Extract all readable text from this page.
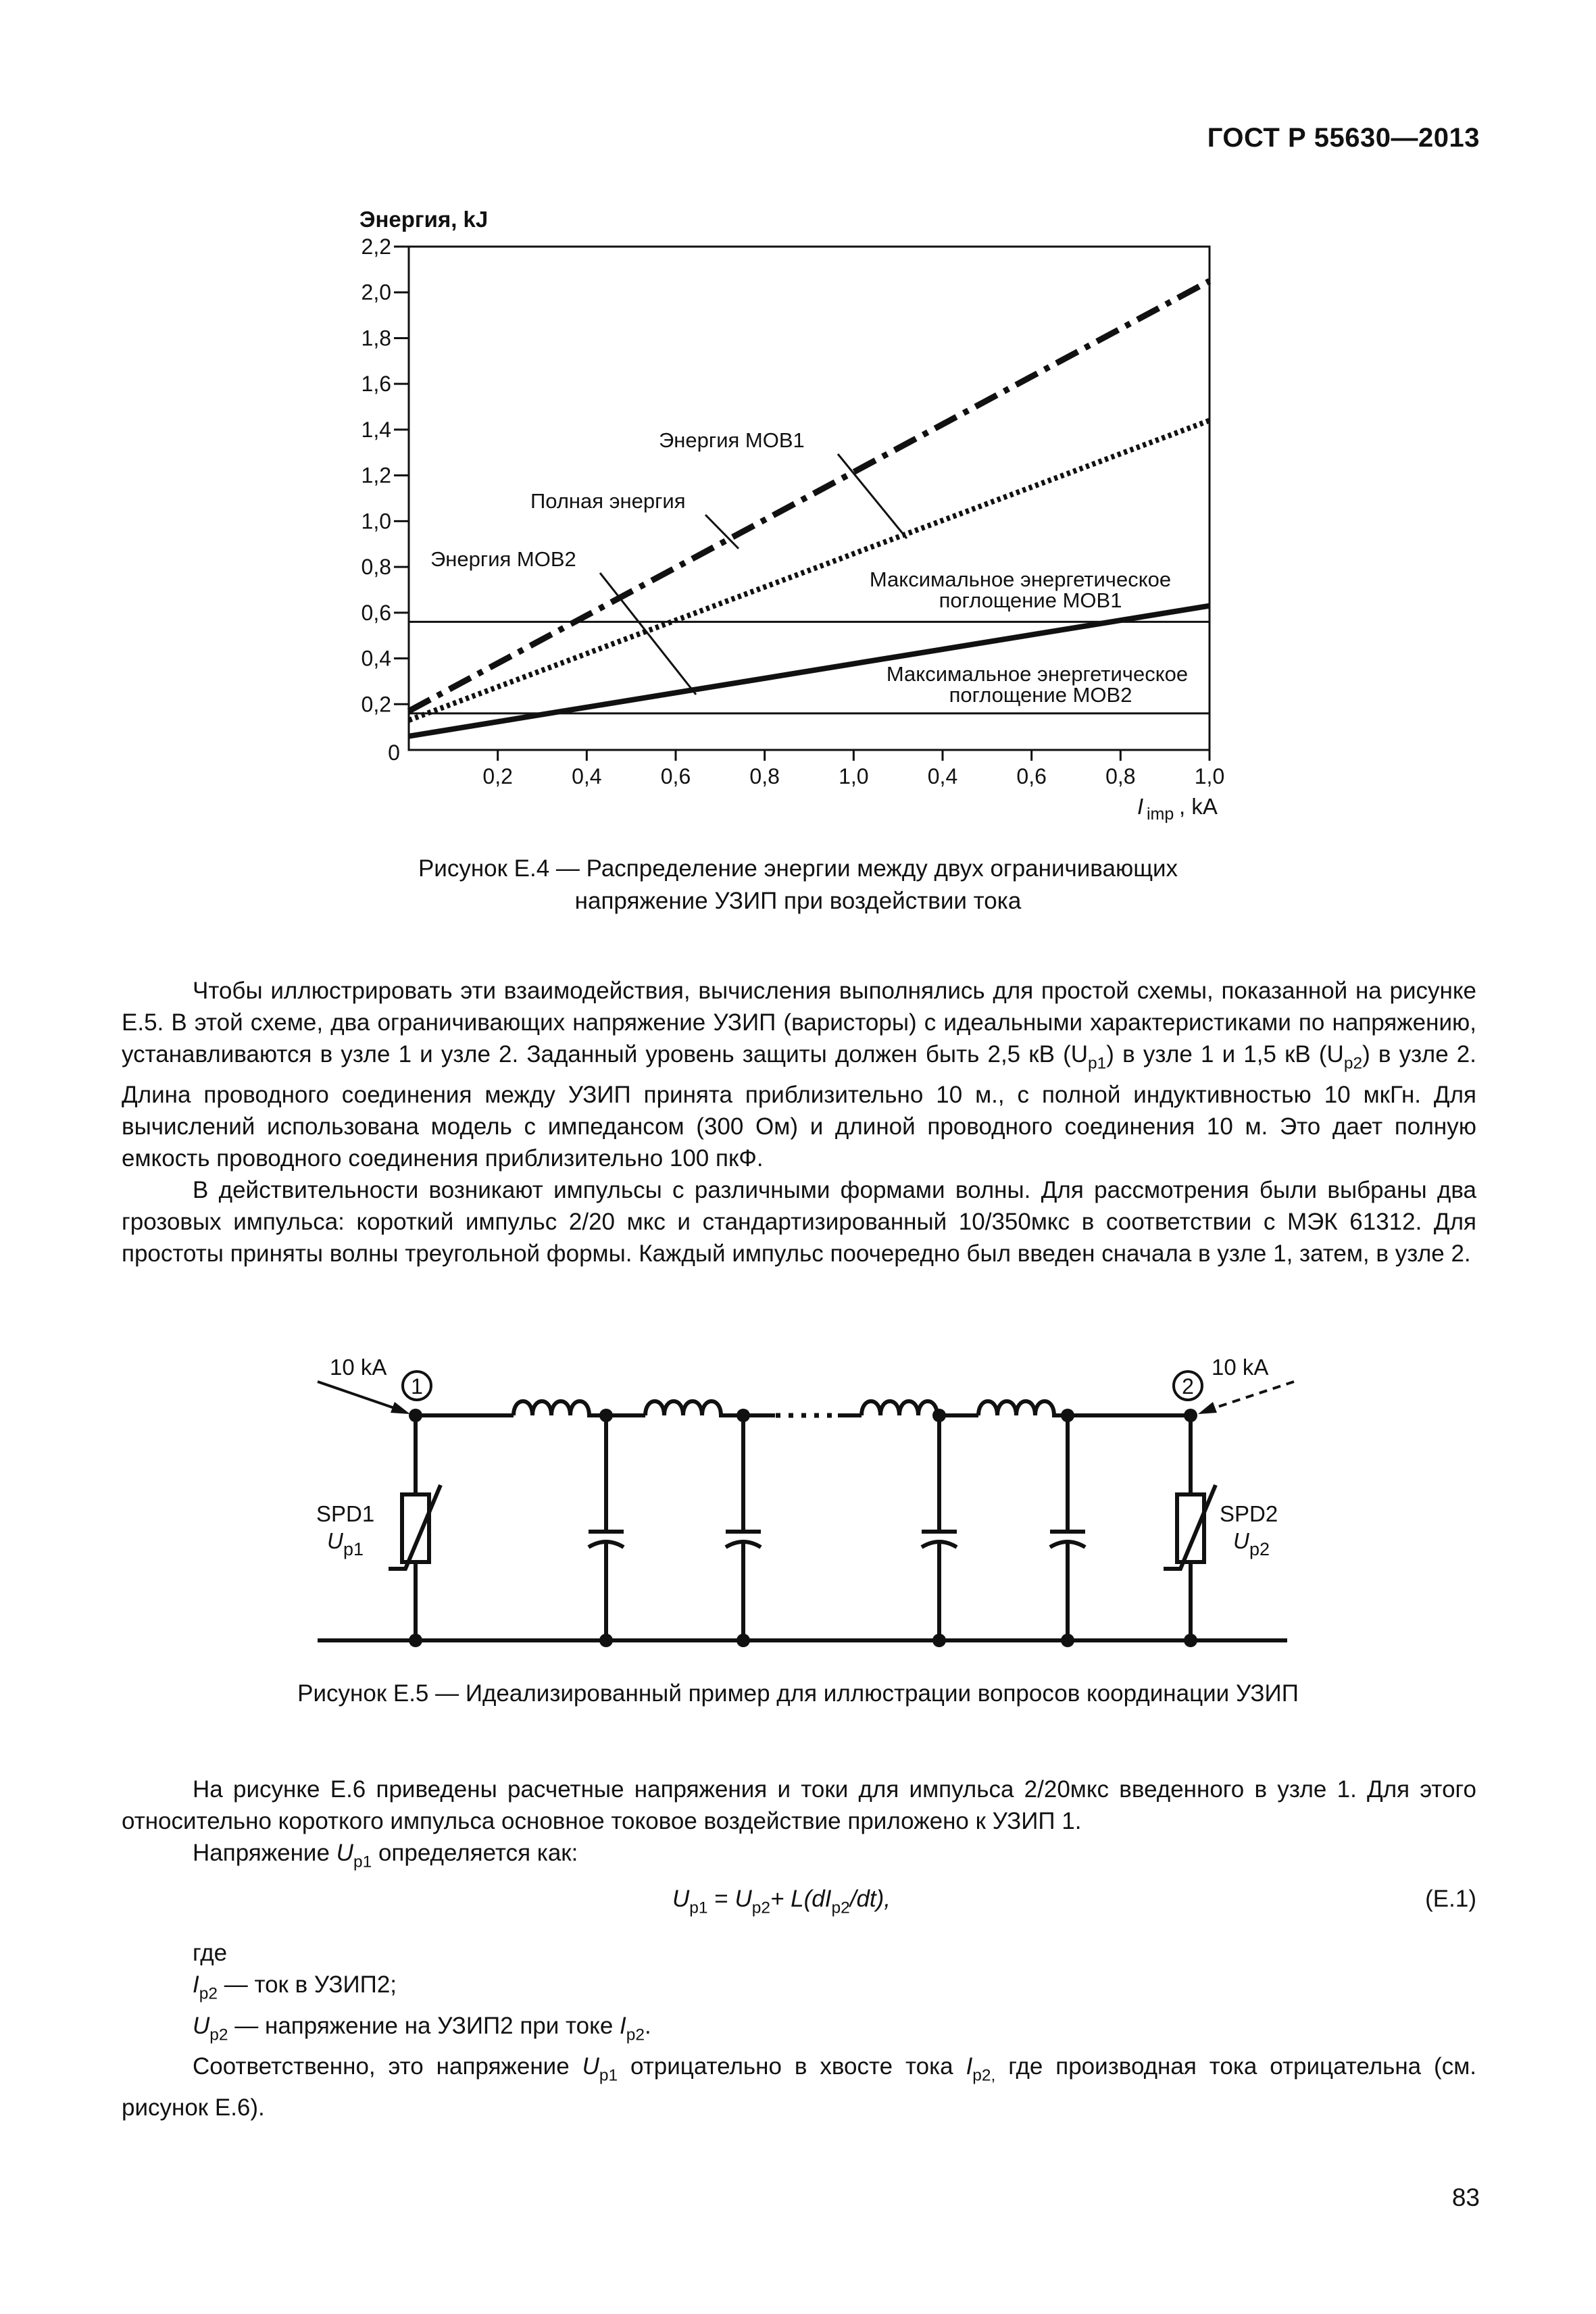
ГОСТ Р 55630—2013
Энергия, kJ
0,2
0,4
0,6
0,8
1,0
1,2
1,4
1,6
1,8
2,0
2,2
0
0,2	0,4	0,6	0,8	1,0	0,4	0,6	0,8	1,0
Энергия MOB1
Полная энергия
Энергия MOB2
Максимальное энергетическое
поглощение MOB1
Максимальное энергетическое
поглощение MOB2
I imp , kA
Рисунок Е.4 — Распределение энергии между двух ограничивающих
напряжение УЗИП при воздействии тока

Чтобы иллюстрировать эти взаимодействия, вычисления выполнялись для простой схемы, показанной на рисунке Е.5. В этой схеме, два ограничивающих напряжение УЗИП (варисторы) с идеальными характеристиками по напряжению, устанавливаются в узле 1 и узле 2. Заданный уровень защиты должен быть 2,5 кВ $(U_{p1})$ в узле 1 и 1,5 кВ $(U_{p2})$ в узле 2. Длина проводного соединения между УЗИП принята приблизительно 10 м., с полной индуктивностью 10 мкГн. Для вычислений использована модель с импедансом (300 Ом) и длиной проводного соединения 10 м. Это дает полную емкость проводного соединения приблизительно 100 пкФ.

В действительности возникают импульсы с различными формами волны. Для рассмотрения были выбраны два грозовых импульса: короткий импульс 2/20 мкс и стандартизированный 10/350мкс в соответствии с МЭК 61312. Для простоты приняты волны треугольной формы. Каждый импульс поочередно был введен сначала в узле 1, затем, в узле 2.

1	2
10 kA	10 kA
SPD1
U p1
SPD2
U p2
Рисунок Е.5 — Идеализированный пример для иллюстрации вопросов координации УЗИП

На рисунке Е.6 приведены расчетные напряжения и токи для импульса 2/20мкс введенного в узле 1. Для этого относительно короткого импульса основное токовое воздействие приложено к УЗИП 1.

Напряжение $U_{p1}$ определяется как:

$U_{p1} = U_{p2}+ L(dI_{p2}/dt)$,	(Е.1)

где

$I_{p2}$ — ток в УЗИП2;

$U_{p2}$ — напряжение на УЗИП2 при токе $I_{p2}$.

Соответственно, это напряжение $U_{p1}$ отрицательно в хвосте тока $I_{p2,}$ где производная тока отрицательна (см. рисунок Е.6).

83
